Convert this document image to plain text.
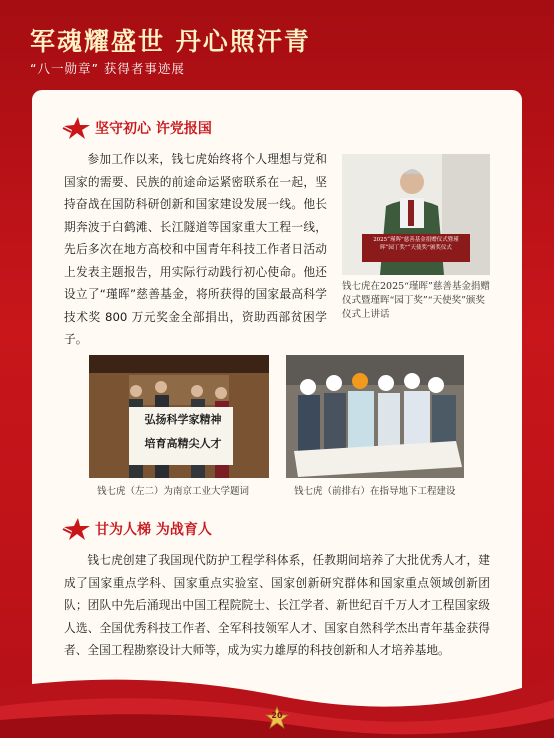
军魂耀盛世 丹心照汗青
“八一勋章” 获得者事迹展
坚守初心 许党报国

参加工作以来，钱七虎始终将个人理想与党和国家的需要、民族的前途命运紧密联系在一起，坚持奋战在国防科研创新和国家建设发展一线。他长期奔波于白鹤滩、长江隧道等国家重大工程一线，先后多次在地方高校和中国青年科技工作者日活动上发表主题报告，用实际行动践行初心使命。他还设立了“瑾晖”慈善基金，将所获得的国家最高科学技术奖 800 万元奖金全部捐出，资助西部贫困学子。

2025“瑾晖”慈善基金捐赠仪式暨瑾晖“园丁奖”“天使奖”颁奖仪式
钱七虎在2025“瑾晖”慈善基金捐赠仪式暨瑾晖“园丁奖”“天使奖”颁奖仪式上讲话
弘扬科学家精神
培育高精尖人才
钱七虎（左二）为南京工业大学题词	钱七虎（前排右）在指导地下工程建设
甘为人梯 为战育人

钱七虎创建了我国现代防护工程学科体系，任教期间培养了大批优秀人才，建成了国家重点学科、国家重点实验室、国家创新研究群体和国家重点领域创新团队；团队中先后涌现出中国工程院院士、长江学者、新世纪百千万人才工程国家级人选、全国优秀科技工作者、全军科技领军人才、国家自然科学杰出青年基金获得者、全国工程勘察设计大师等，成为实力雄厚的科技创新和人才培养基地。

20
